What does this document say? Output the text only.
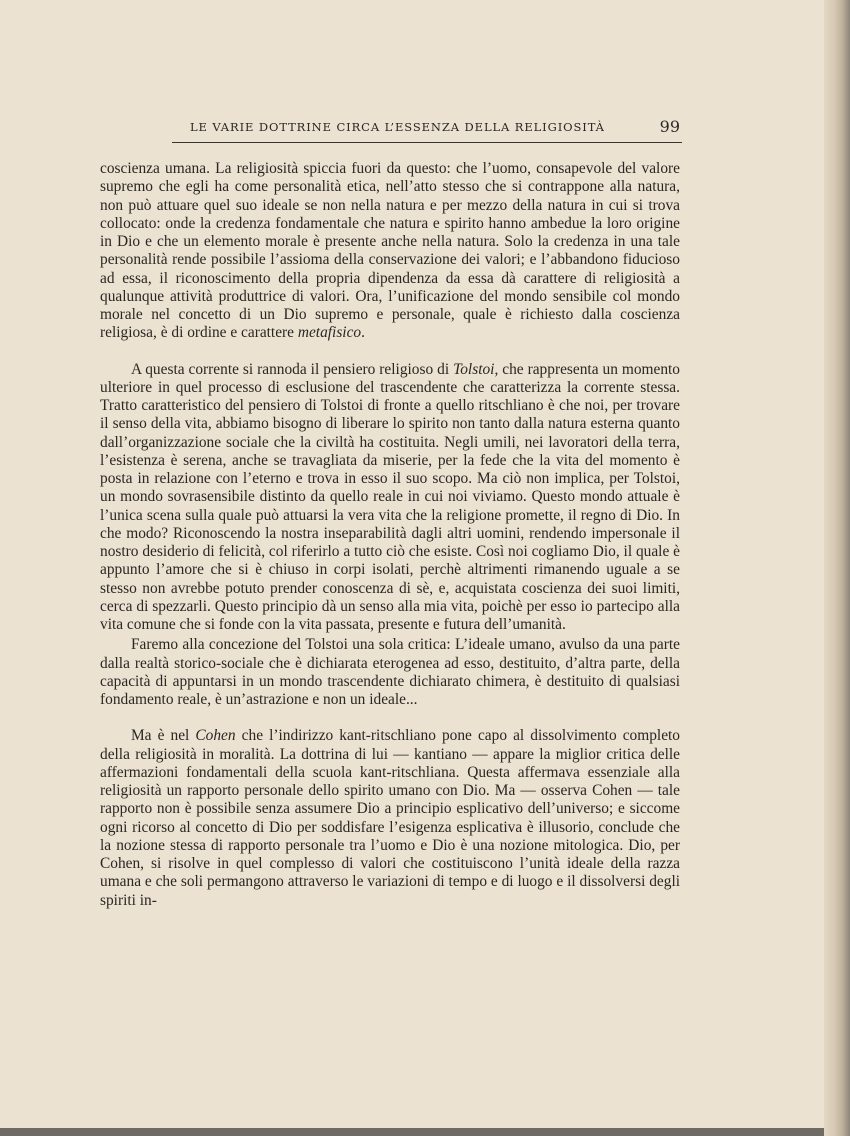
LE VARIE DOTTRINE CIRCA L’ESSENZA DELLA RELIGIOSITÀ	99

coscienza umana. La religiosità spiccia fuori da questo: che l’uomo, consapevole del valore supremo che egli ha come personalità etica, nell’atto stesso che si contrappone alla natura, non può attuare quel suo ideale se non nella natura e per mezzo della natura in cui si trova collocato: onde la credenza fondamentale che natura e spirito hanno ambedue la loro origine in Dio e che un elemento morale è presente anche nella natura. Solo la credenza in una tale personalità rende possibile l’assioma della conservazione dei valori; e l’abbandono fiducioso ad essa, il riconoscimento della propria dipendenza da essa dà carattere di religiosità a qualunque attività produttrice di valori. Ora, l’unificazione del mondo sensibile col mondo morale nel concetto di un Dio supremo e personale, quale è richiesto dalla coscienza religiosa, è di ordine e carattere metafisico.

A questa corrente si rannoda il pensiero religioso di Tolstoi, che rappresenta un momento ulteriore in quel processo di esclusione del trascendente che caratterizza la corrente stessa. Tratto caratteristico del pensiero di Tolstoi di fronte a quello ritschliano è che noi, per trovare il senso della vita, abbiamo bisogno di liberare lo spirito non tanto dalla natura esterna quanto dall’organizzazione sociale che la civiltà ha costituita. Negli umili, nei lavoratori della terra, l’esistenza è serena, anche se travagliata da miserie, per la fede che la vita del momento è posta in relazione con l’eterno e trova in esso il suo scopo. Ma ciò non implica, per Tolstoi, un mondo sovrasensibile distinto da quello reale in cui noi viviamo. Questo mondo attuale è l’unica scena sulla quale può attuarsi la vera vita che la religione promette, il regno di Dio. In che modo? Riconoscendo la nostra inseparabilità dagli altri uomini, rendendo impersonale il nostro desiderio di felicità, col riferirlo a tutto ciò che esiste. Così noi cogliamo Dio, il quale è appunto l’amore che si è chiuso in corpi isolati, perchè altrimenti rimanendo uguale a se stesso non avrebbe potuto prender conoscenza di sè, e, acquistata coscienza dei suoi limiti, cerca di spezzarli. Questo principio dà un senso alla mia vita, poichè per esso io partecipo alla vita comune che si fonde con la vita passata, presente e futura dell’umanità.

Faremo alla concezione del Tolstoi una sola critica: L’ideale umano, avulso da una parte dalla realtà storico-sociale che è dichiarata eterogenea ad esso, destituito, d’altra parte, della capacità di appuntarsi in un mondo trascendente dichiarato chimera, è destituito di qualsiasi fondamento reale, è un’astrazione e non un ideale...

Ma è nel Cohen che l’indirizzo kant-ritschliano pone capo al dissolvimento completo della religiosità in moralità. La dottrina di lui — kantiano — appare la miglior critica delle affermazioni fondamentali della scuola kant-ritschliana. Questa affermava essenziale alla religiosità un rapporto personale dello spirito umano con Dio. Ma — osserva Cohen — tale rapporto non è possibile senza assumere Dio a principio esplicativo dell’universo; e siccome ogni ricorso al concetto di Dio per soddisfare l’esigenza esplicativa è illusorio, conclude che la nozione stessa di rapporto personale tra l’uomo e Dio è una nozione mitologica. Dio, per Cohen, si risolve in quel complesso di valori che costituiscono l’unità ideale della razza umana e che soli permangono attraverso le variazioni di tempo e di luogo e il dissolversi degli spiriti in-
